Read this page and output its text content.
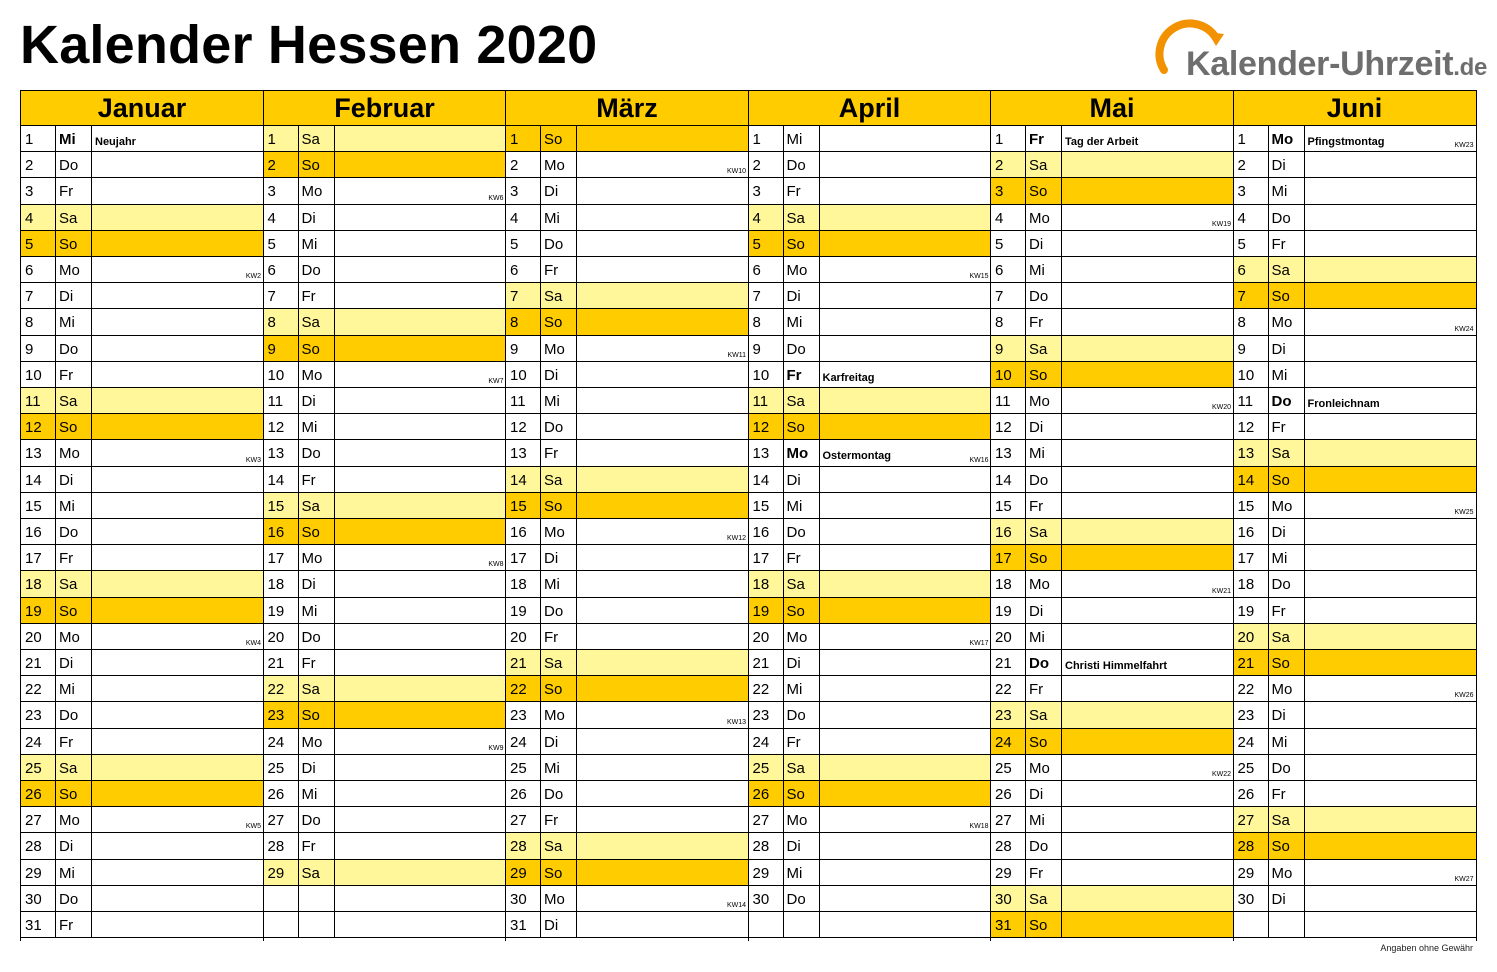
Kalender Hessen 2020	Kalender-Uhrzeit.de
Januar
1 Mi Neujahr
2 Do
3 Fr
4 Sa
5 So
6 Mo	KW2
7 Di
8 Mi
9 Do
10 Fr
11 Sa
12 So
13 Mo	KW3
14 Di
15 Mi
16 Do
17 Fr
18 Sa
19 So
20 Mo	KW4
21 Di
22 Mi
23 Do
24 Fr
25 Sa
26 So
27 Mo	KW5
28 Di
29 Mi
30 Do
31 Fr
Februar
1 Sa
2 So
3 Mo	KW6
4 Di
5 Mi
6 Do
7 Fr
8 Sa
9 So
10 Mo	KW7
11 Di
12 Mi
13 Do
14 Fr
15 Sa
16 So
17 Mo	KW8
18 Di
19 Mi
20 Do
21 Fr
22 Sa
23 So
24 Mo	KW9
25 Di
26 Mi
27 Do
28 Fr
29 Sa
März
1 So
2 Mo	KW10
3 Di
4 Mi
5 Do
6 Fr
7 Sa
8 So
9 Mo	KW11
10 Di
11 Mi
12 Do
13 Fr
14 Sa
15 So
16 Mo	KW12
17 Di
18 Mi
19 Do
20 Fr
21 Sa
22 So
23 Mo	KW13
24 Di
25 Mi
26 Do
27 Fr
28 Sa
29 So
30 Mo	KW14
31 Di
April
1 Mi
2 Do
3 Fr
4 Sa
5 So
6 Mo	KW15
7 Di
8 Mi
9 Do
10 Fr Karfreitag
11 Sa
12 So
13 Mo Ostermontag	KW16
14 Di
15 Mi
16 Do
17 Fr
18 Sa
19 So
20 Mo	KW17
21 Di
22 Mi
23 Do
24 Fr
25 Sa
26 So
27 Mo	KW18
28 Di
29 Mi
30 Do
Mai
1 Fr Tag der Arbeit
2 Sa
3 So
4 Mo	KW19
5 Di
6 Mi
7 Do
8 Fr
9 Sa
10 So
11 Mo	KW20
12 Di
13 Mi
14 Do
15 Fr
16 Sa
17 So
18 Mo	KW21
19 Di
20 Mi
21 Do Christi Himmelfahrt
22 Fr
23 Sa
24 So
25 Mo	KW22
26 Di
27 Mi
28 Do
29 Fr
30 Sa
31 So
Juni
1 Mo Pfingstmontag	KW23
2 Di
3 Mi
4 Do
5 Fr
6 Sa
7 So
8 Mo	KW24
9 Di
10 Mi
11 Do Fronleichnam
12 Fr
13 Sa
14 So
15 Mo	KW25
16 Di
17 Mi
18 Do
19 Fr
20 Sa
21 So
22 Mo	KW26
23 Di
24 Mi
25 Do
26 Fr
27 Sa
28 So
29 Mo	KW27
30 Di
Angaben ohne Gewähr
